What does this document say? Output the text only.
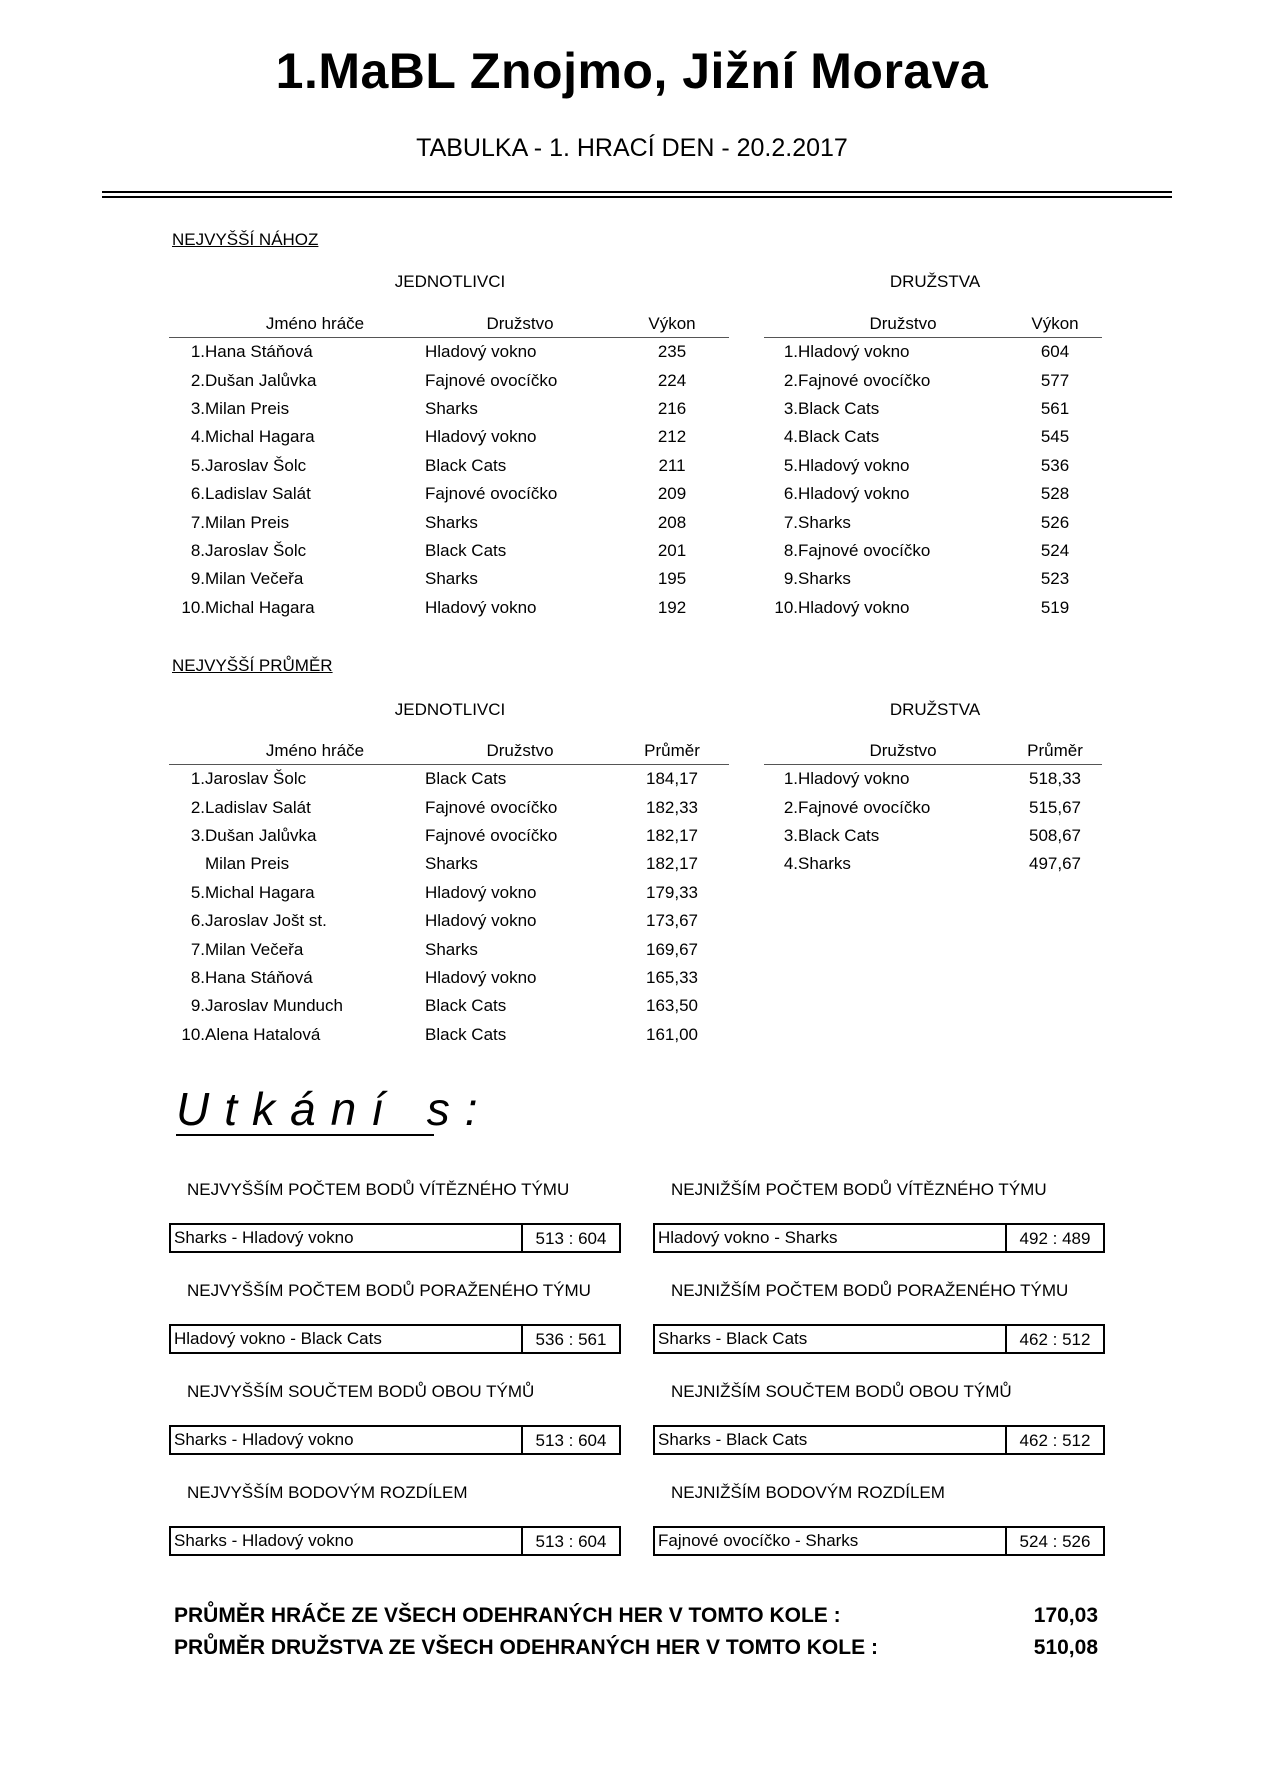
1.MaBL Znojmo, Jižní Morava
TABULKA - 1. HRACÍ DEN - 20.2.2017
NEJVYŠŠÍ NÁHOZ
JEDNOTLIVCI	DRUŽSTVA
	Jméno hráče	Družstvo	Výkon
1.	Hana Stáňová	Hladový vokno	235
2.	Dušan Jalůvka	Fajnové ovocíčko	224
3.	Milan Preis	Sharks	216
4.	Michal Hagara	Hladový vokno	212
5.	Jaroslav Šolc	Black Cats	211
6.	Ladislav Salát	Fajnové ovocíčko	209
7.	Milan Preis	Sharks	208
8.	Jaroslav Šolc	Black Cats	201
9.	Milan Večeřa	Sharks	195
10.	Michal Hagara	Hladový vokno	192
	Družstvo	Výkon
1.	Hladový vokno	604
2.	Fajnové ovocíčko	577
3.	Black Cats	561
4.	Black Cats	545
5.	Hladový vokno	536
6.	Hladový vokno	528
7.	Sharks	526
8.	Fajnové ovocíčko	524
9.	Sharks	523
10.	Hladový vokno	519
NEJVYŠŠÍ PRŮMĚR
JEDNOTLIVCI	DRUŽSTVA
	Jméno hráče	Družstvo	Průměr
1.	Jaroslav Šolc	Black Cats	184,17
2.	Ladislav Salát	Fajnové ovocíčko	182,33
3.	Dušan Jalůvka	Fajnové ovocíčko	182,17
	Milan Preis	Sharks	182,17
5.	Michal Hagara	Hladový vokno	179,33
6.	Jaroslav Jošt st.	Hladový vokno	173,67
7.	Milan Večeřa	Sharks	169,67
8.	Hana Stáňová	Hladový vokno	165,33
9.	Jaroslav Munduch	Black Cats	163,50
10.	Alena Hatalová	Black Cats	161,00
	Družstvo	Průměr
1.	Hladový vokno	518,33
2.	Fajnové ovocíčko	515,67
3.	Black Cats	508,67
4.	Sharks	497,67
Utkání s:
NEJVYŠŠÍM POČTEM BODŮ VÍTĚZNÉHO TÝMU
Sharks - Hladový vokno	513 : 604
NEJNIŽŠÍM POČTEM BODŮ VÍTĚZNÉHO TÝMU
Hladový vokno - Sharks	492 : 489
NEJVYŠŠÍM POČTEM BODŮ PORAŽENÉHO TÝMU
Hladový vokno - Black Cats	536 : 561
NEJNIŽŠÍM POČTEM BODŮ PORAŽENÉHO TÝMU
Sharks - Black Cats	462 : 512
NEJVYŠŠÍM SOUČTEM BODŮ OBOU TÝMŮ
Sharks - Hladový vokno	513 : 604
NEJNIŽŠÍM SOUČTEM BODŮ OBOU TÝMŮ
Sharks - Black Cats	462 : 512
NEJVYŠŠÍM BODOVÝM ROZDÍLEM
Sharks - Hladový vokno	513 : 604
NEJNIŽŠÍM BODOVÝM ROZDÍLEM
Fajnové ovocíčko - Sharks	524 : 526
PRŮMĚR HRÁČE ZE VŠECH ODEHRANÝCH HER V TOMTO KOLE :	170,03
PRŮMĚR DRUŽSTVA ZE VŠECH ODEHRANÝCH HER V TOMTO KOLE :	510,08
